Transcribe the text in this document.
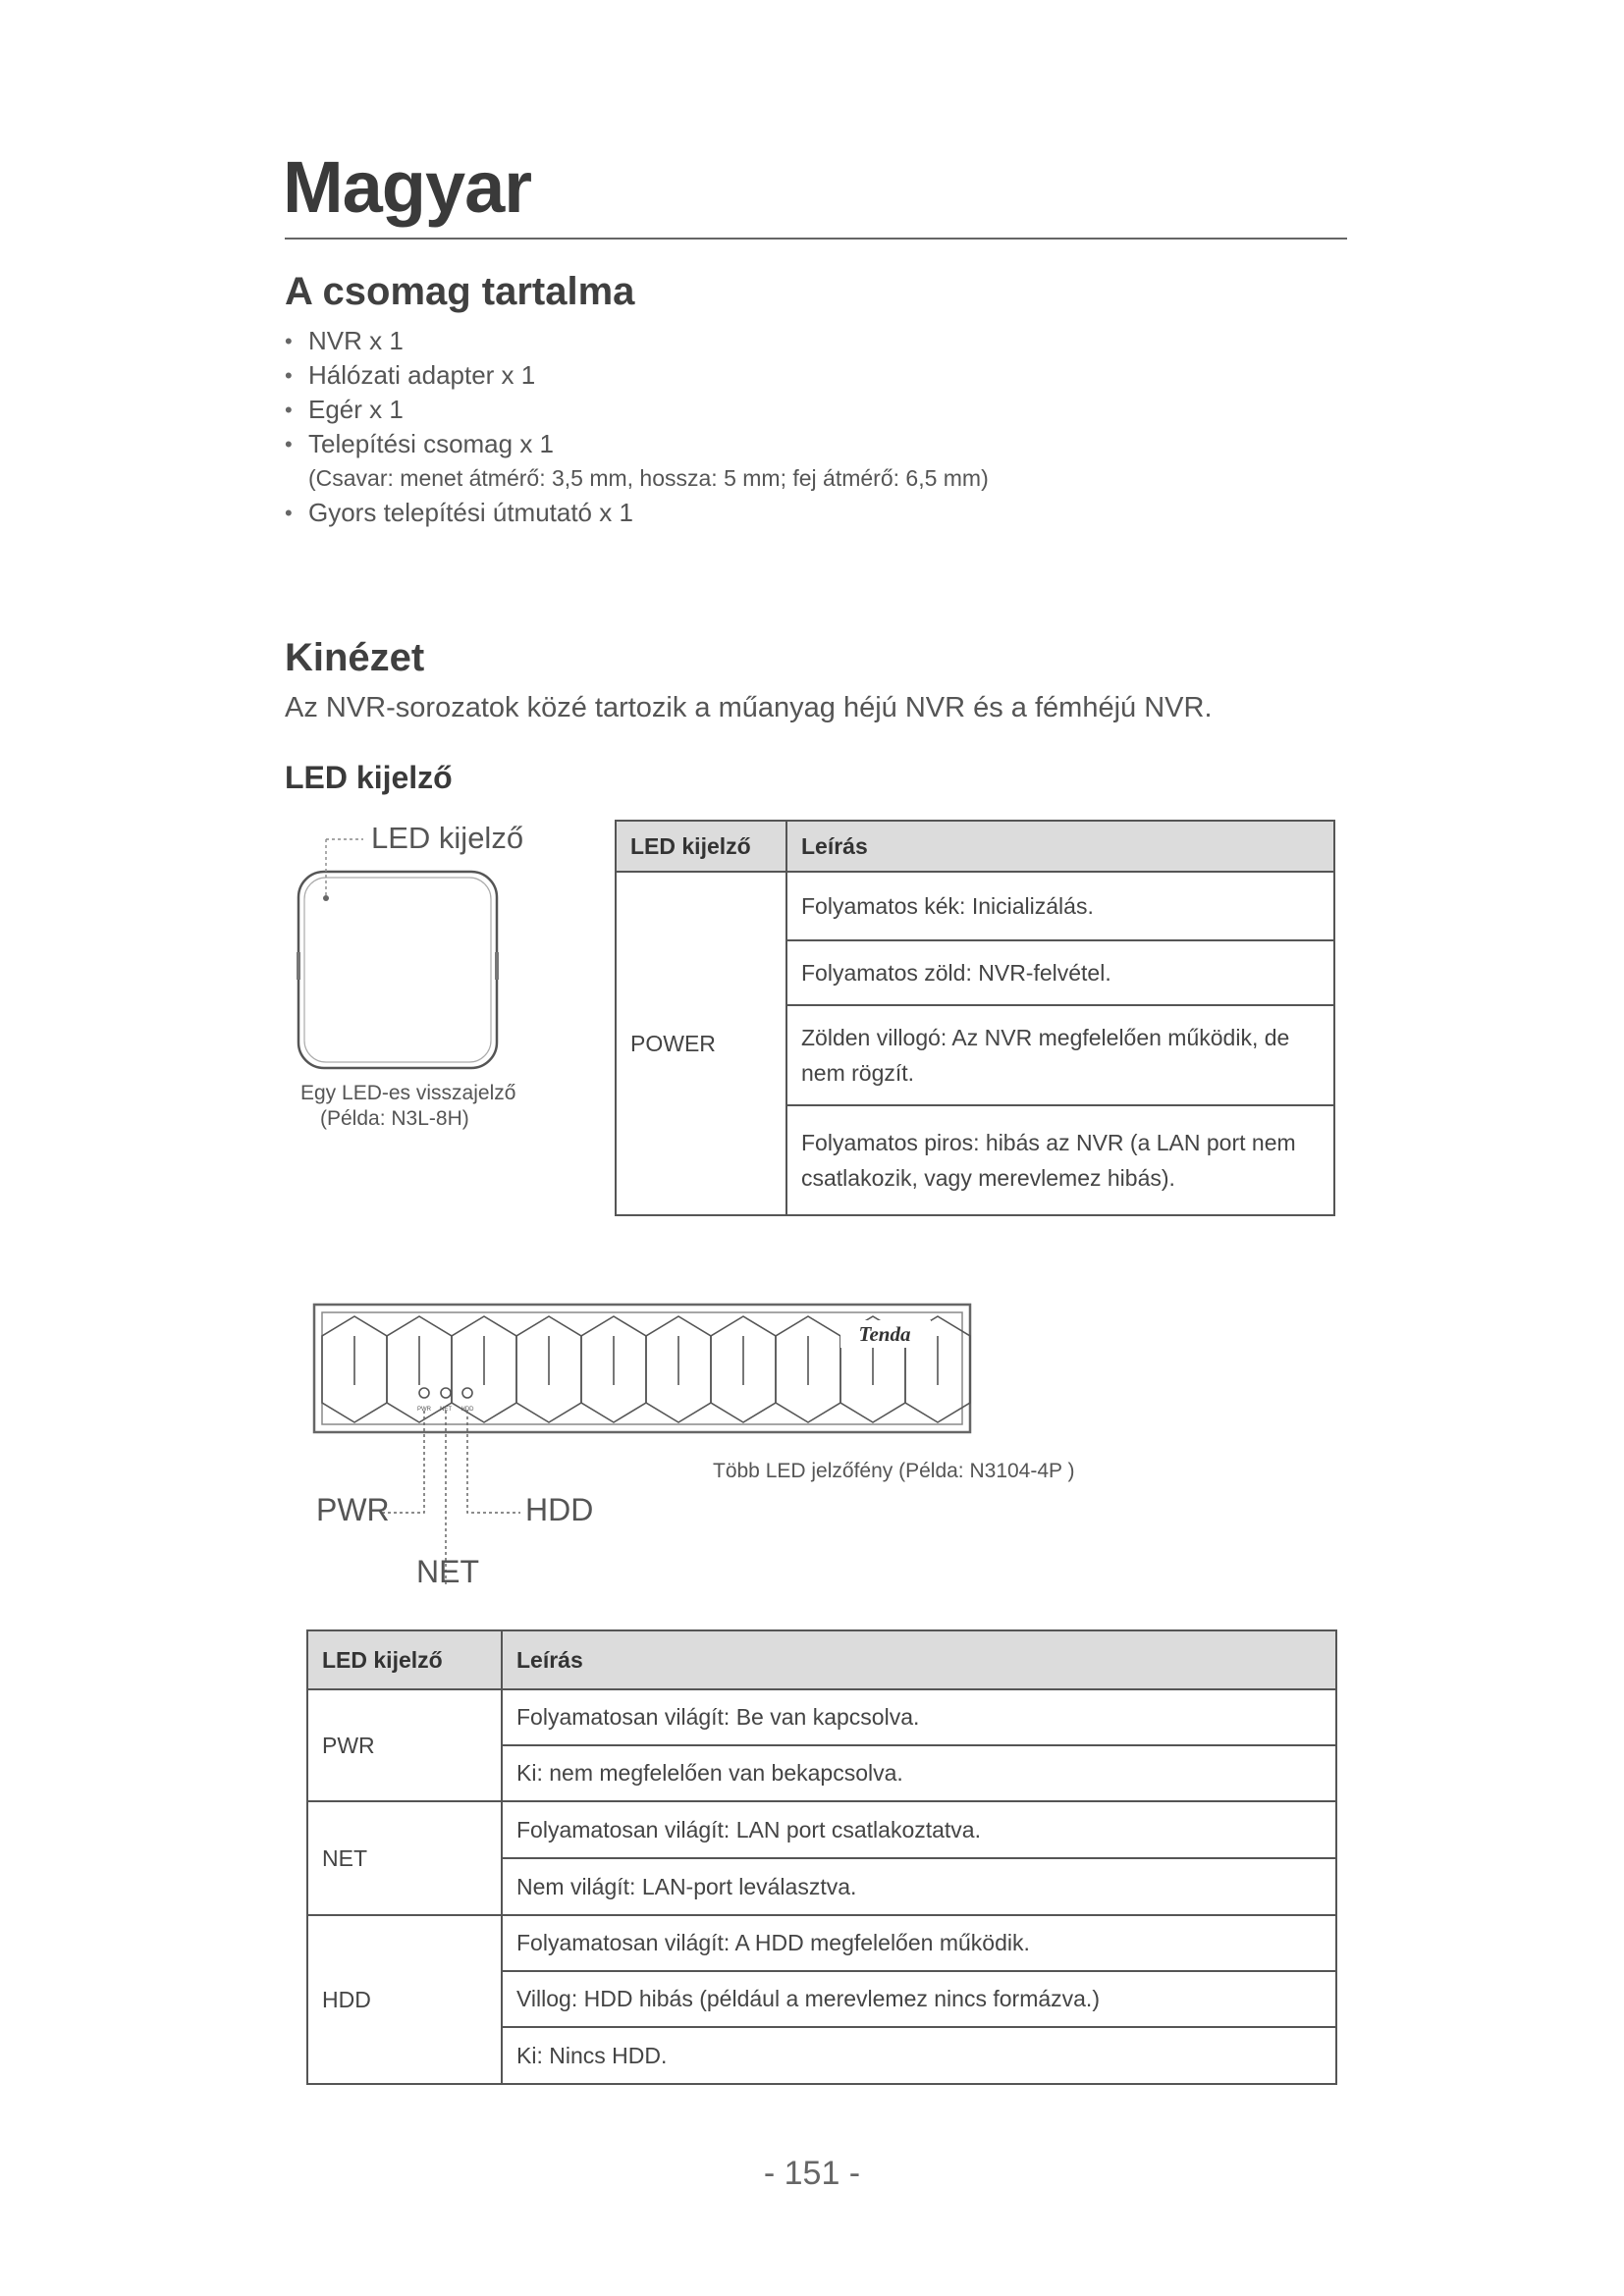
Magyar
A csomag tartalma
• NVR x 1
• Hálózati adapter x 1
• Egér x 1
• Telepítési csomag x 1
(Csavar: menet átmérő: 3,5 mm, hossza: 5 mm; fej átmérő: 6,5 mm)
• Gyors telepítési útmutató x 1
Kinézet
Az NVR-sorozatok közé tartozik a műanyag héjú NVR és a fémhéjú NVR.
LED kijelző
LED kijelző
Egy LED-es visszajelző
(Példa: N3L-8H)
LED kijelző	Leírás
POWER	Folyamatos kék: Inicializálás.
	Folyamatos zöld: NVR-felvétel.
	Zölden villogó: Az NVR megfelelően működik, de nem rögzít.
	Folyamatos piros: hibás az NVR (a LAN port nem csatlakozik, vagy merevlemez hibás).
Tenda
PWR NET HDD
PWR	HDD
NET
Több LED jelzőfény (Példa: N3104-4P )
LED kijelző	Leírás
PWR	Folyamatosan világít: Be van kapcsolva.
	Ki: nem megfelelően van bekapcsolva.
NET	Folyamatosan világít: LAN port csatlakoztatva.
	Nem világít: LAN-port leválasztva.
HDD	Folyamatosan világít: A HDD megfelelően működik.
	Villog: HDD hibás (például a merevlemez nincs formázva.)
	Ki: Nincs HDD.
- 151 -
